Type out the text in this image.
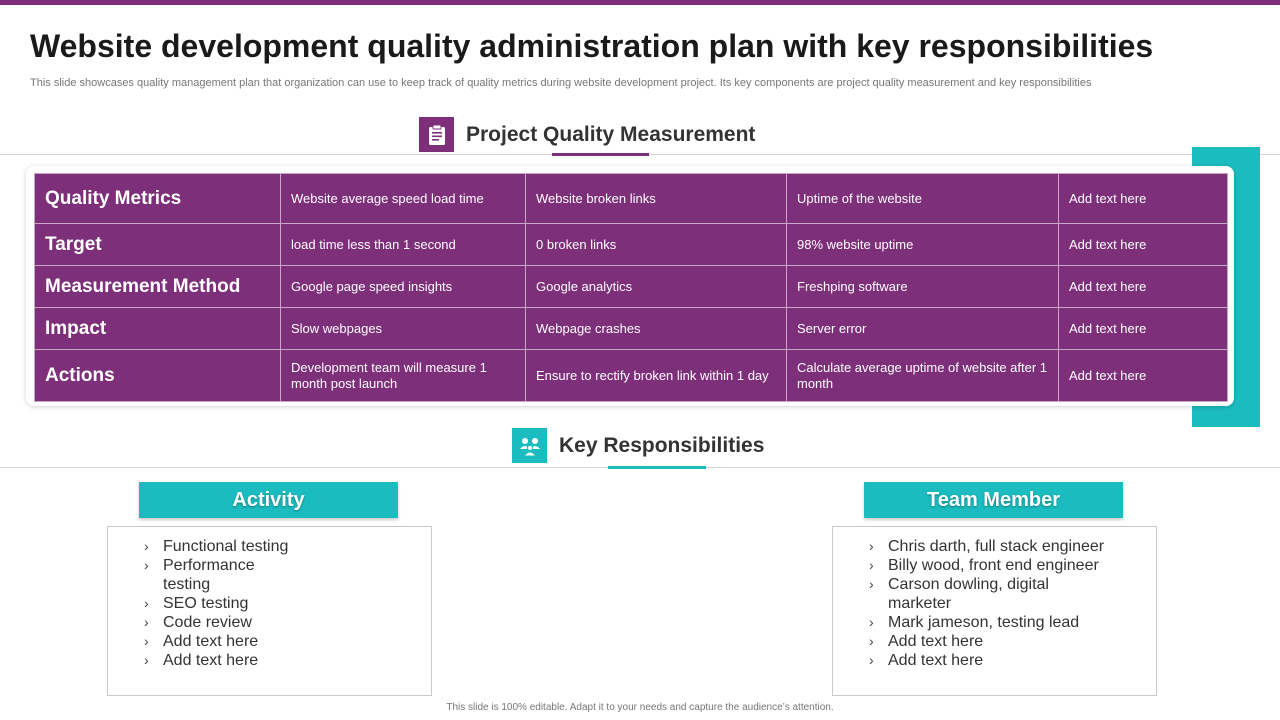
Website development quality administration plan with key responsibilities

This slide showcases quality management plan that organization can use to keep track of quality metrics during website development project. Its key components are project quality measurement and key responsibilities

Project Quality Measurement
Quality Metrics	Website average speed load time	Website broken links	Uptime of the website	Add text here
Target	load time less than 1 second	0 broken links	98% website uptime	Add text here
Measurement Method	Google page speed insights	Google analytics	Freshping software	Add text here
Impact	Slow webpages	Webpage crashes	Server error	Add text here
Actions	Development team will measure 1 month post launch	Ensure to rectify broken link within 1 day	Calculate average uptime of website after 1 month	Add text here
Key Responsibilities
Activity
› Functional testing
› Performance testing
› SEO testing
› Code review
› Add text here
› Add text here
Team Member
› Chris darth, full stack engineer
› Billy wood, front end engineer
› Carson dowling, digital marketer
› Mark jameson, testing lead
› Add text here
› Add text here
This slide is 100% editable. Adapt it to your needs and capture the audience’s attention.
